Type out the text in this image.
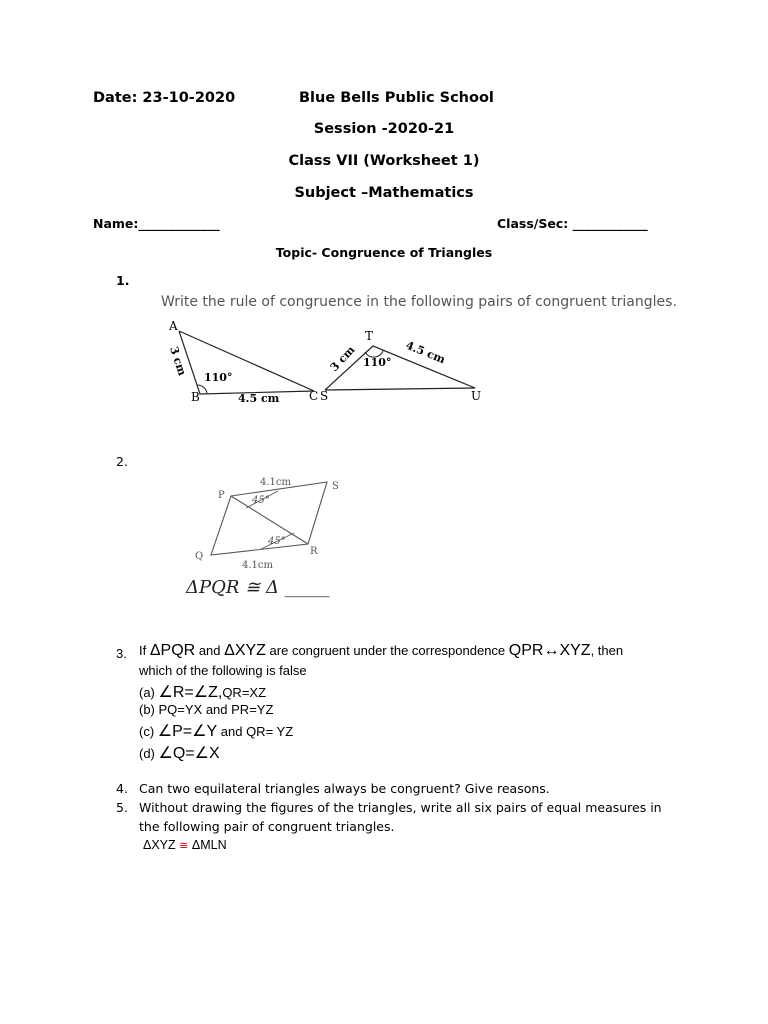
Date: 23-10-2020	Blue Bells Public School
Session -2020-21
Class VII (Worksheet 1)
Subject –Mathematics
Name:_____________	Class/Sec: ____________
Topic- Congruence of Triangles
1.
Write the rule of congruence in the following pairs of congruent triangles.
A
B	C
3 cm
4.5 cm
110°
S
T
U
3 cm	4.5 cm
110°
2.
P
S
R
Q
4.1cm
4.1cm
45°
45°
ΔPQR ≅ Δ _____
3. If ΔPQR and ΔXYZ are congruent under the correspondence QPR↔XYZ, then
which of the following is false
(a) ∠R=∠Z,QR=XZ
(b) PQ=YX and PR=YZ
(c) ∠P=∠Y and QR= YZ
(d) ∠Q=∠X
4. Can two equilateral triangles always be congruent? Give reasons.
5. Without drawing the figures of the triangles, write all six pairs of equal measures in
the following pair of congruent triangles.
ΔXYZ ≅ ΔMLN
